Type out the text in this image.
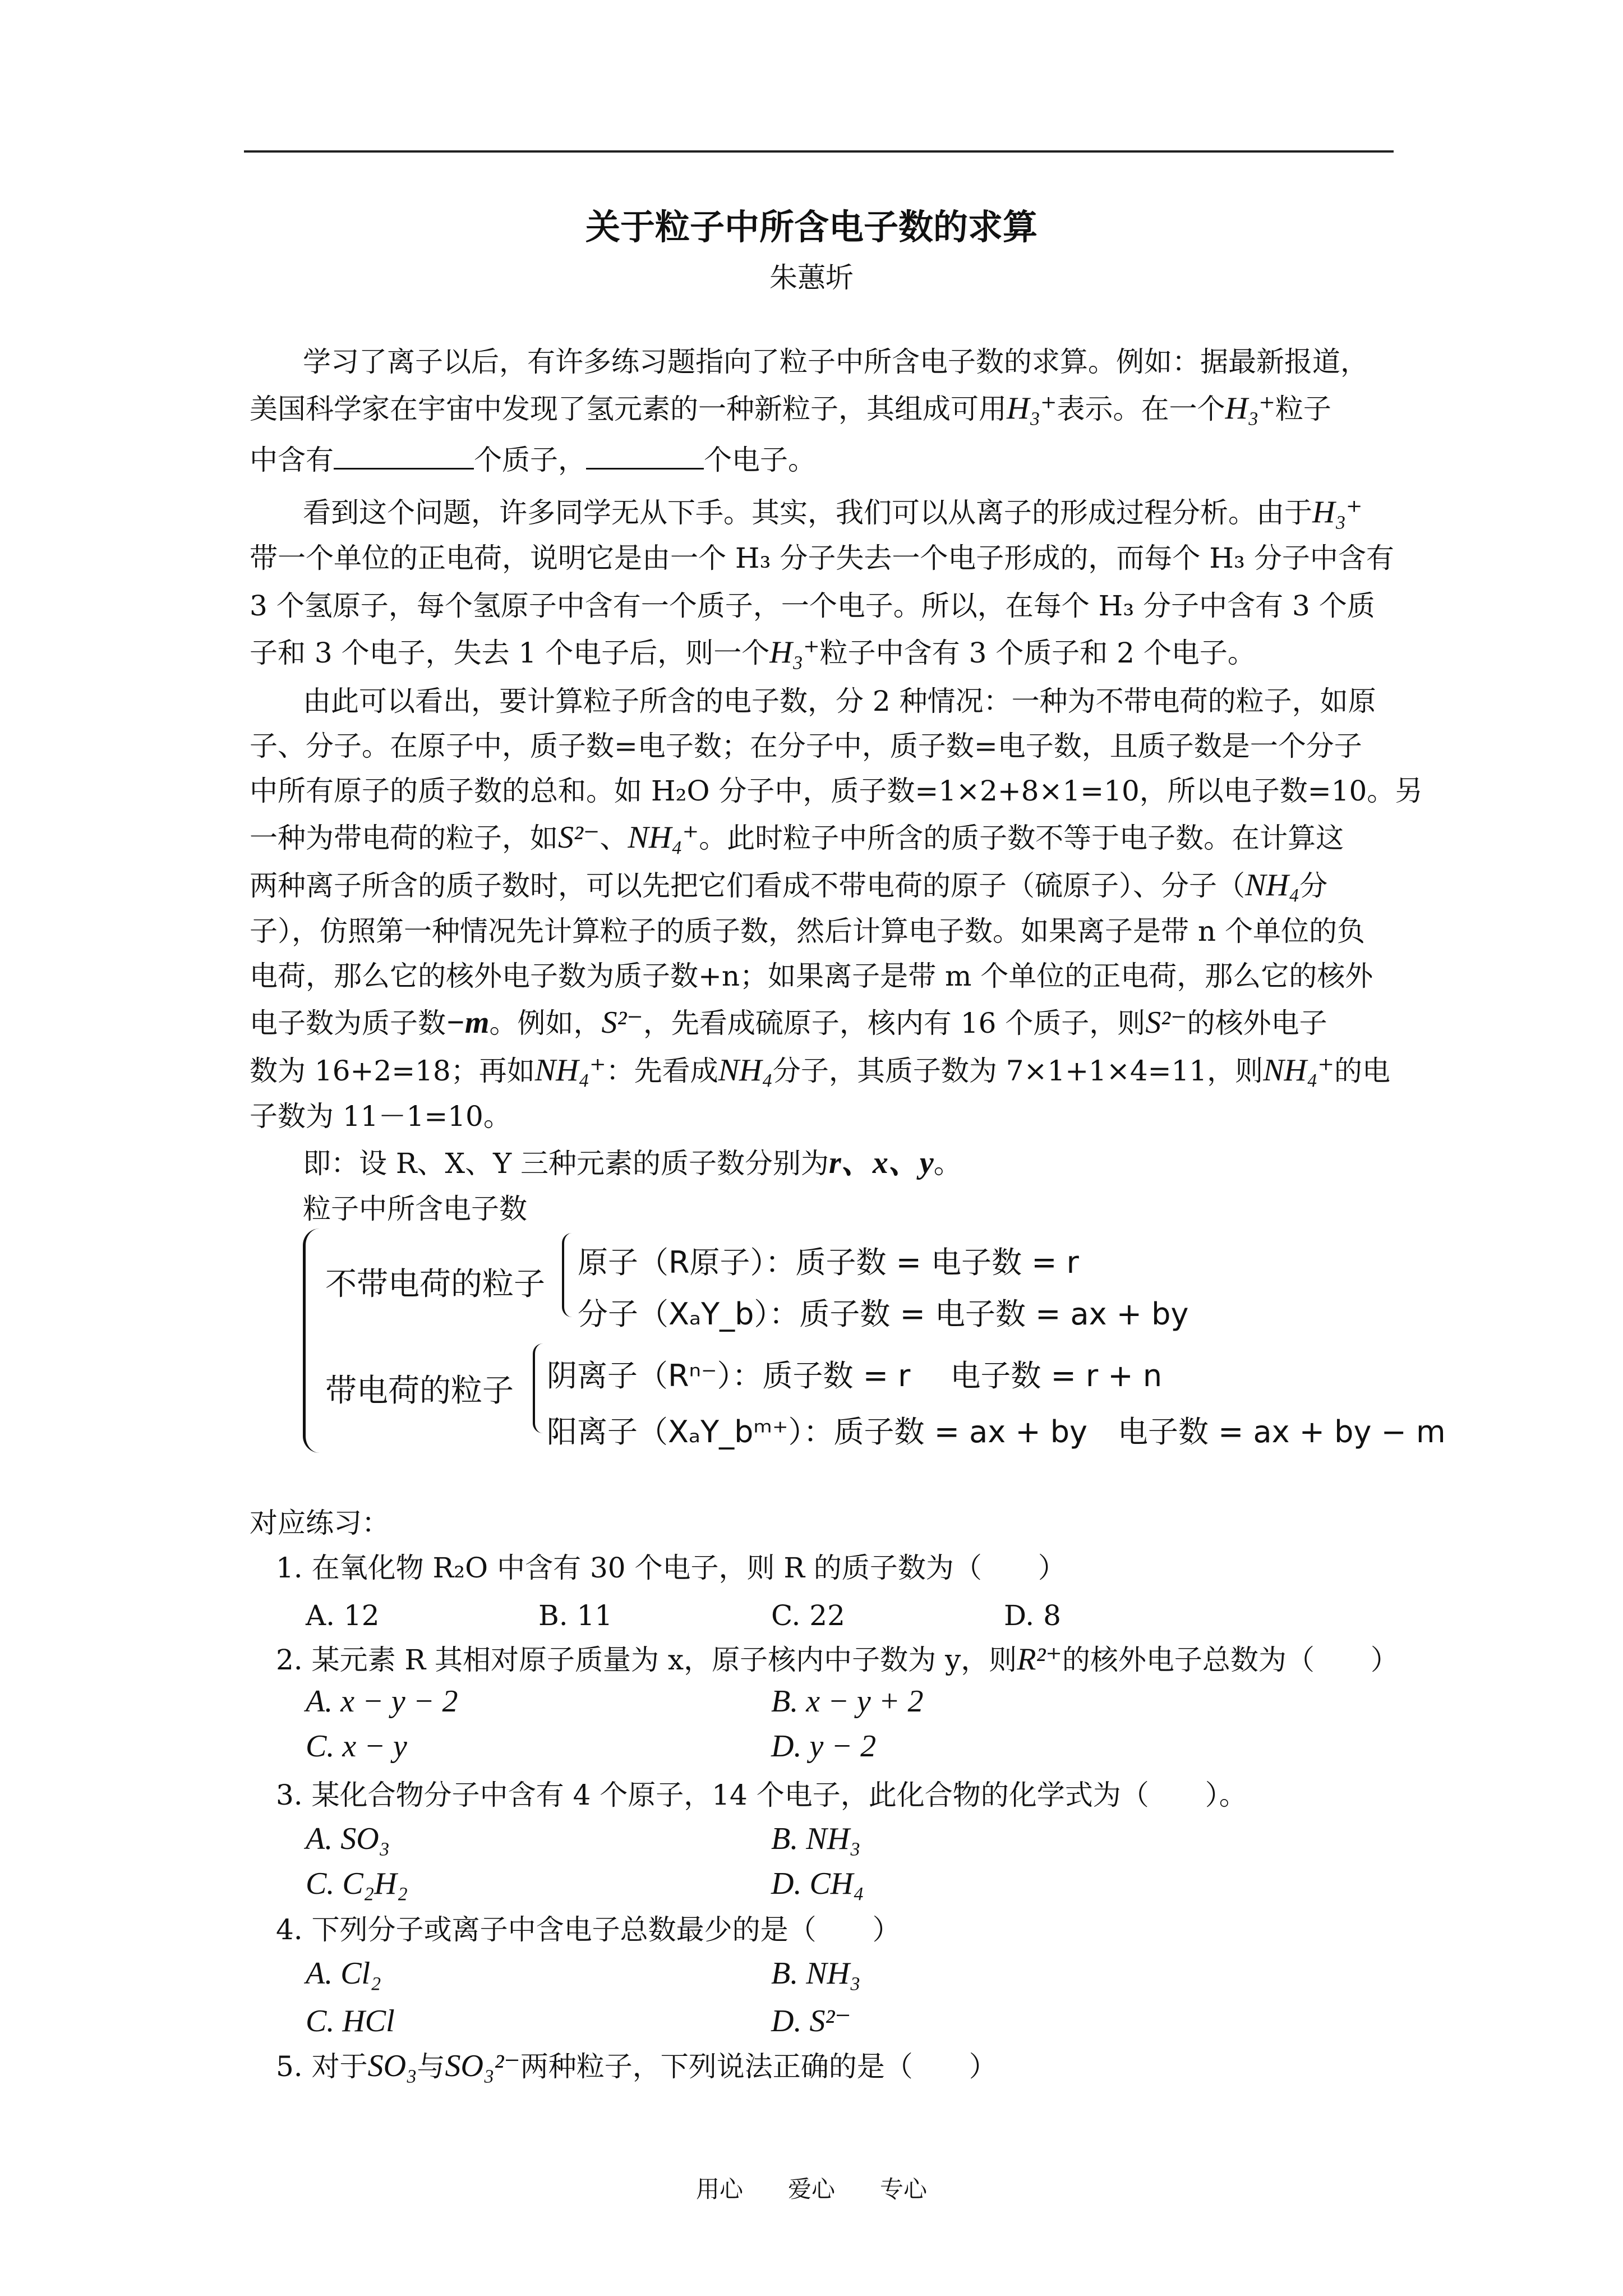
关于粒子中所含电子数的求算
朱蕙圻
学习了离子以后，有许多练习题指向了粒子中所含电子数的求算。例如：据最新报道，
美国科学家在宇宙中发现了氢元素的一种新粒子，其组成可用H₃⁺表示。在一个H₃⁺粒子
中含有	个质子，	个电子。
看到这个问题，许多同学无从下手。其实，我们可以从离子的形成过程分析。由于H₃⁺
带一个单位的正电荷，说明它是由一个 H₃ 分子失去一个电子形成的，而每个 H₃ 分子中含有
3 个氢原子，每个氢原子中含有一个质子，一个电子。所以，在每个 H₃ 分子中含有 3 个质
子和 3 个电子，失去 1 个电子后，则一个H₃⁺粒子中含有 3 个质子和 2 个电子。
由此可以看出，要计算粒子所含的电子数，分 2 种情况：一种为不带电荷的粒子，如原
子、分子。在原子中，质子数=电子数；在分子中，质子数=电子数，且质子数是一个分子
中所有原子的质子数的总和。如 H₂O 分子中，质子数=1×2+8×1=10，所以电子数=10。另
一种为带电荷的粒子，如S²⁻、NH₄⁺。此时粒子中所含的质子数不等于电子数。在计算这
两种离子所含的质子数时，可以先把它们看成不带电荷的原子（硫原子）、分子（NH₄分
子），仿照第一种情况先计算粒子的质子数，然后计算电子数。如果离子是带 n 个单位的负
电荷，那么它的核外电子数为质子数+n；如果离子是带 m 个单位的正电荷，那么它的核外
电子数为质子数−m。例如，S²⁻，先看成硫原子，核内有 16 个质子，则S²⁻的核外电子
数为 16+2=18；再如NH₄⁺：先看成NH₄分子，其质子数为 7×1+1×4=11，则NH₄⁺的电
子数为 11－1=10。
即：设 R、X、Y 三种元素的质子数分别为r、x、y。
粒子中所含电子数
不带电荷的粒子
带电荷的粒子
原子（R原子）：质子数 = 电子数 = r
分子（XₐY_b）：质子数 = 电子数 = ax + by
阴离子（Rⁿ⁻）：质子数 = r　 电子数 = r + n
阳离子（XₐY_bᵐ⁺）：质子数 = ax + by　电子数 = ax + by − m
对应练习：
1. 在氧化物 R₂O 中含有 30 个电子，则 R 的质子数为（　　）
A. 12	B. 11	C. 22	D. 8
2. 某元素 R 其相对原子质量为 x，原子核内中子数为 y，则R²⁺的核外电子总数为（　　）
A. x − y − 2	B. x − y + 2
C. x − y	D. y − 2
3. 某化合物分子中含有 4 个原子，14 个电子，此化合物的化学式为（　　）。
A. SO₃	B. NH₃
C. C₂H₂	D. CH₄
4. 下列分子或离子中含电子总数最少的是（　　）
A. Cl₂	B. NH₃
C. HCl	D. S²⁻
5. 对于SO₃与SO₃²⁻两种粒子，下列说法正确的是（　　）
用心 爱心 专心
